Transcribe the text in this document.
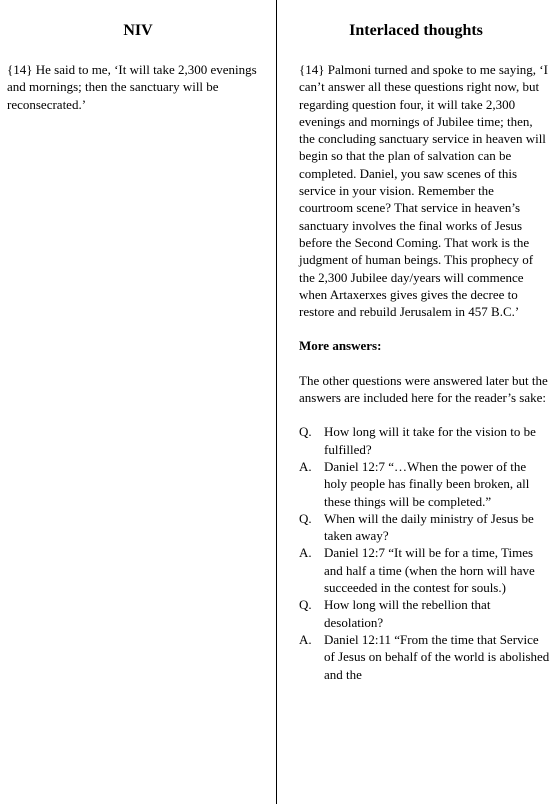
NIV

{14} He said to me, ‘It will take 2,300 evenings and mornings; then the sanctuary will be reconsecrated.’

Interlaced thoughts

{14} Palmoni turned and spoke to me saying, ‘I can’t answer all these questions right now, but regarding question four, it will take 2,300 evenings and mornings of Jubilee time; then, the concluding sanctuary service in heaven will begin so that the plan of salvation can be completed. Daniel, you saw scenes of this service in your vision. Remember the courtroom scene? That service in heaven’s sanctuary involves the final works of Jesus before the Second Coming. That work is the judgment of human beings. This prophecy of the 2,300 Jubilee day/years will commence when Artaxerxes gives gives the decree to restore and rebuild Jerusalem in 457 B.C.’

More answers:

The other questions were answered later but the answers are included here for the reader’s sake:

Q. How long will it take for the vision to be fulfilled?
A. Daniel 12:7 “…When the power of the holy people has finally been broken, all these things will be completed.”
Q. When will the daily ministry of Jesus be taken away?
A. Daniel 12:7 “It will be for a time, Times and half a time (when the horn will have succeeded in the contest for souls.)
Q. How long will the rebellion that desolation?
A. Daniel 12:11 “From the time that Service of Jesus on behalf of the world is abolished and the
